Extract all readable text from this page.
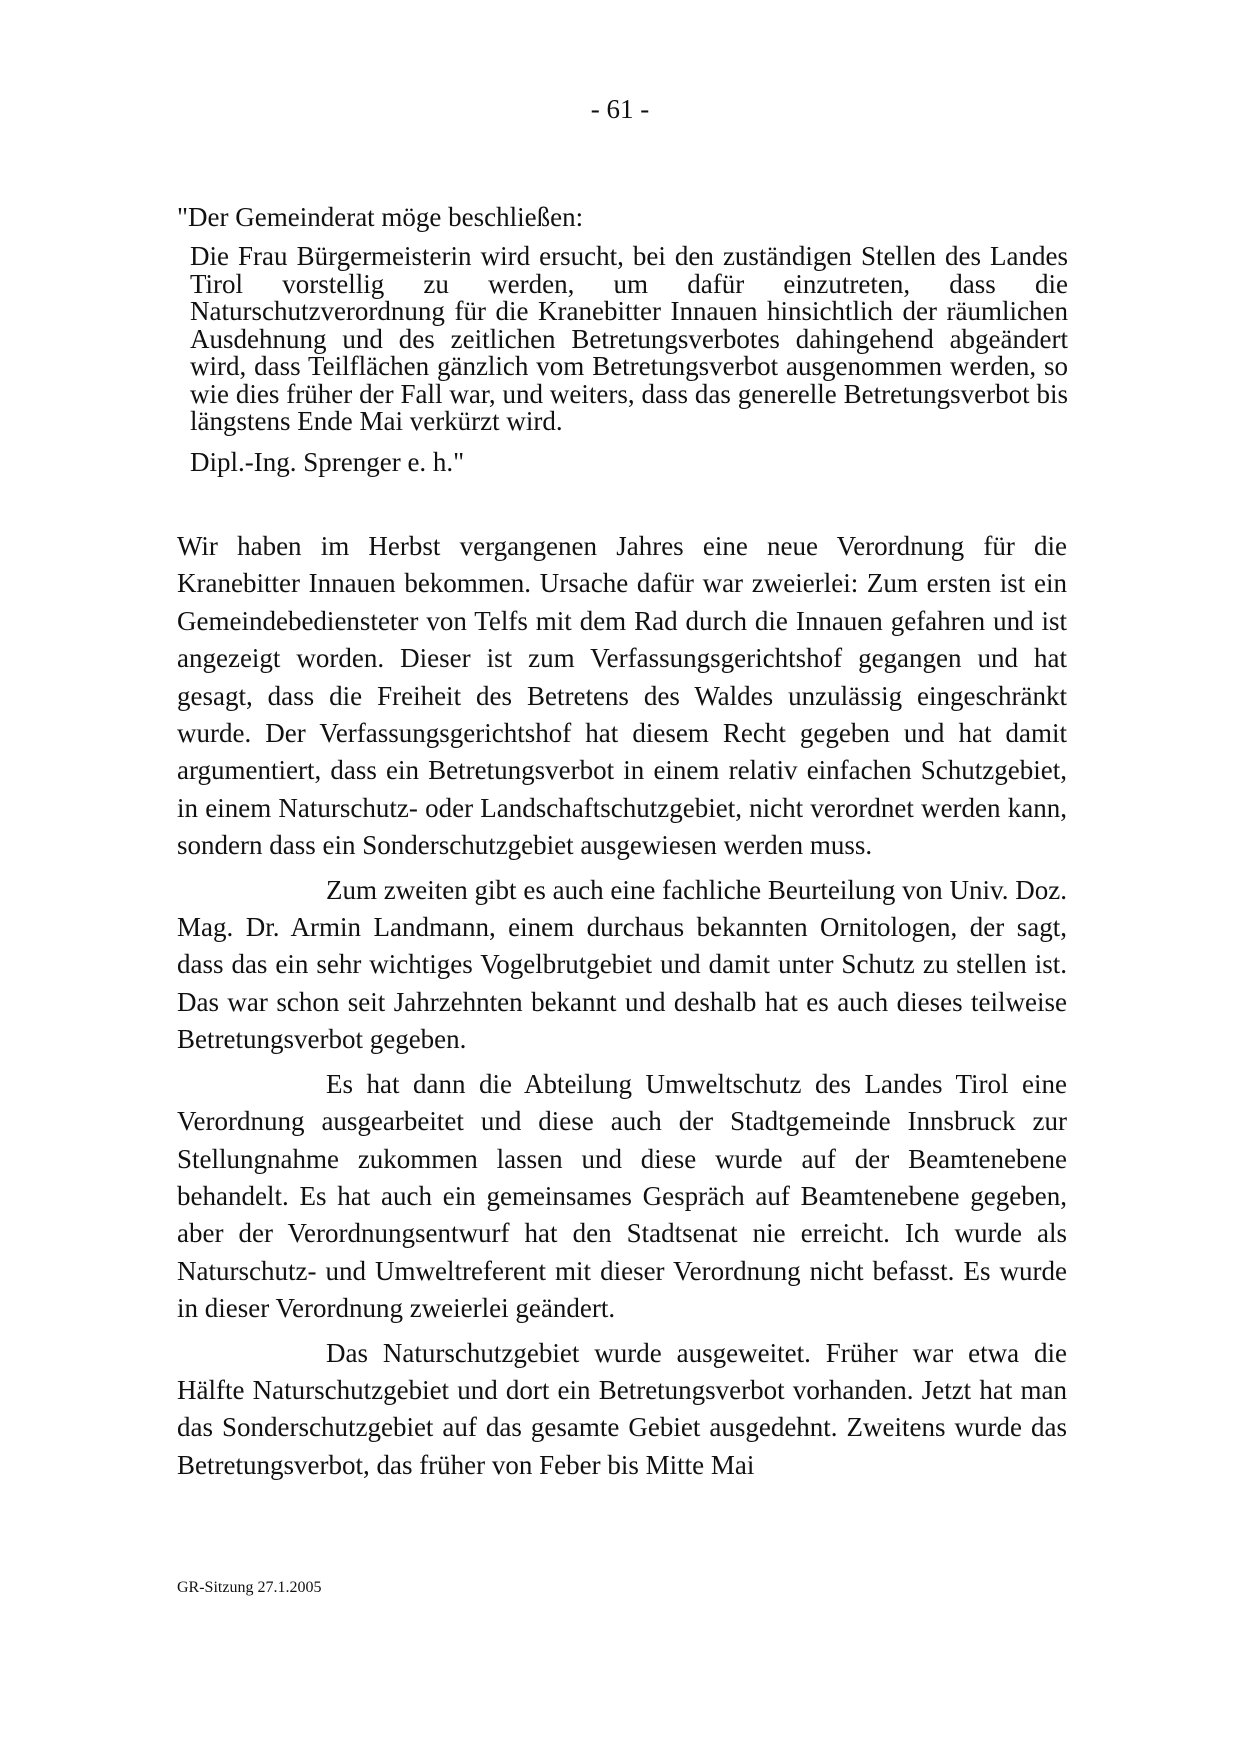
- 61 -
"Der Gemeinderat möge beschließen:
Die Frau Bürgermeisterin wird ersucht, bei den zuständigen Stellen des Landes Tirol vorstellig zu werden, um dafür einzutreten, dass die Naturschutzverordnung für die Kranebitter Innauen hinsichtlich der räumlichen Ausdehnung und des zeitlichen Betretungsverbotes dahingehend abgeändert wird, dass Teilflächen gänzlich vom Betretungsverbot ausgenommen werden, so wie dies früher der Fall war, und weiters, dass das generelle Betretungsverbot bis längstens Ende Mai verkürzt wird.
Dipl.-Ing. Sprenger e. h."

Wir haben im Herbst vergangenen Jahres eine neue Verordnung für die Kranebitter Innauen bekommen. Ursache dafür war zweierlei: Zum ersten ist ein Gemeindebediensteter von Telfs mit dem Rad durch die Innauen gefahren und ist angezeigt worden. Dieser ist zum Verfassungsgerichtshof gegangen und hat gesagt, dass die Freiheit des Betretens des Waldes unzulässig eingeschränkt wurde. Der Verfassungsgerichtshof hat diesem Recht gegeben und hat damit argumentiert, dass ein Betretungsverbot in einem relativ einfachen Schutzgebiet, in einem Naturschutz- oder Landschaftschutzgebiet, nicht verordnet werden kann, sondern dass ein Sonderschutzgebiet ausgewiesen werden muss.

Zum zweiten gibt es auch eine fachliche Beurteilung von Univ. Doz. Mag. Dr. Armin Landmann, einem durchaus bekannten Ornitologen, der sagt, dass das ein sehr wichtiges Vogelbrutgebiet und damit unter Schutz zu stellen ist. Das war schon seit Jahrzehnten bekannt und deshalb hat es auch dieses teilweise Betretungsverbot gegeben.

Es hat dann die Abteilung Umweltschutz des Landes Tirol eine Verordnung ausgearbeitet und diese auch der Stadtgemeinde Innsbruck zur Stellungnahme zukommen lassen und diese wurde auf der Beamtenebene behandelt. Es hat auch ein gemeinsames Gespräch auf Beamtenebene gegeben, aber der Verordnungsentwurf hat den Stadtsenat nie erreicht. Ich wurde als Naturschutz- und Umweltreferent mit dieser Verordnung nicht befasst. Es wurde in dieser Verordnung zweierlei geändert.

Das Naturschutzgebiet wurde ausgeweitet. Früher war etwa die Hälfte Naturschutzgebiet und dort ein Betretungsverbot vorhanden. Jetzt hat man das Sonderschutzgebiet auf das gesamte Gebiet ausgedehnt. Zweitens wurde das Betretungsverbot, das früher von Feber bis Mitte Mai

GR-Sitzung 27.1.2005
